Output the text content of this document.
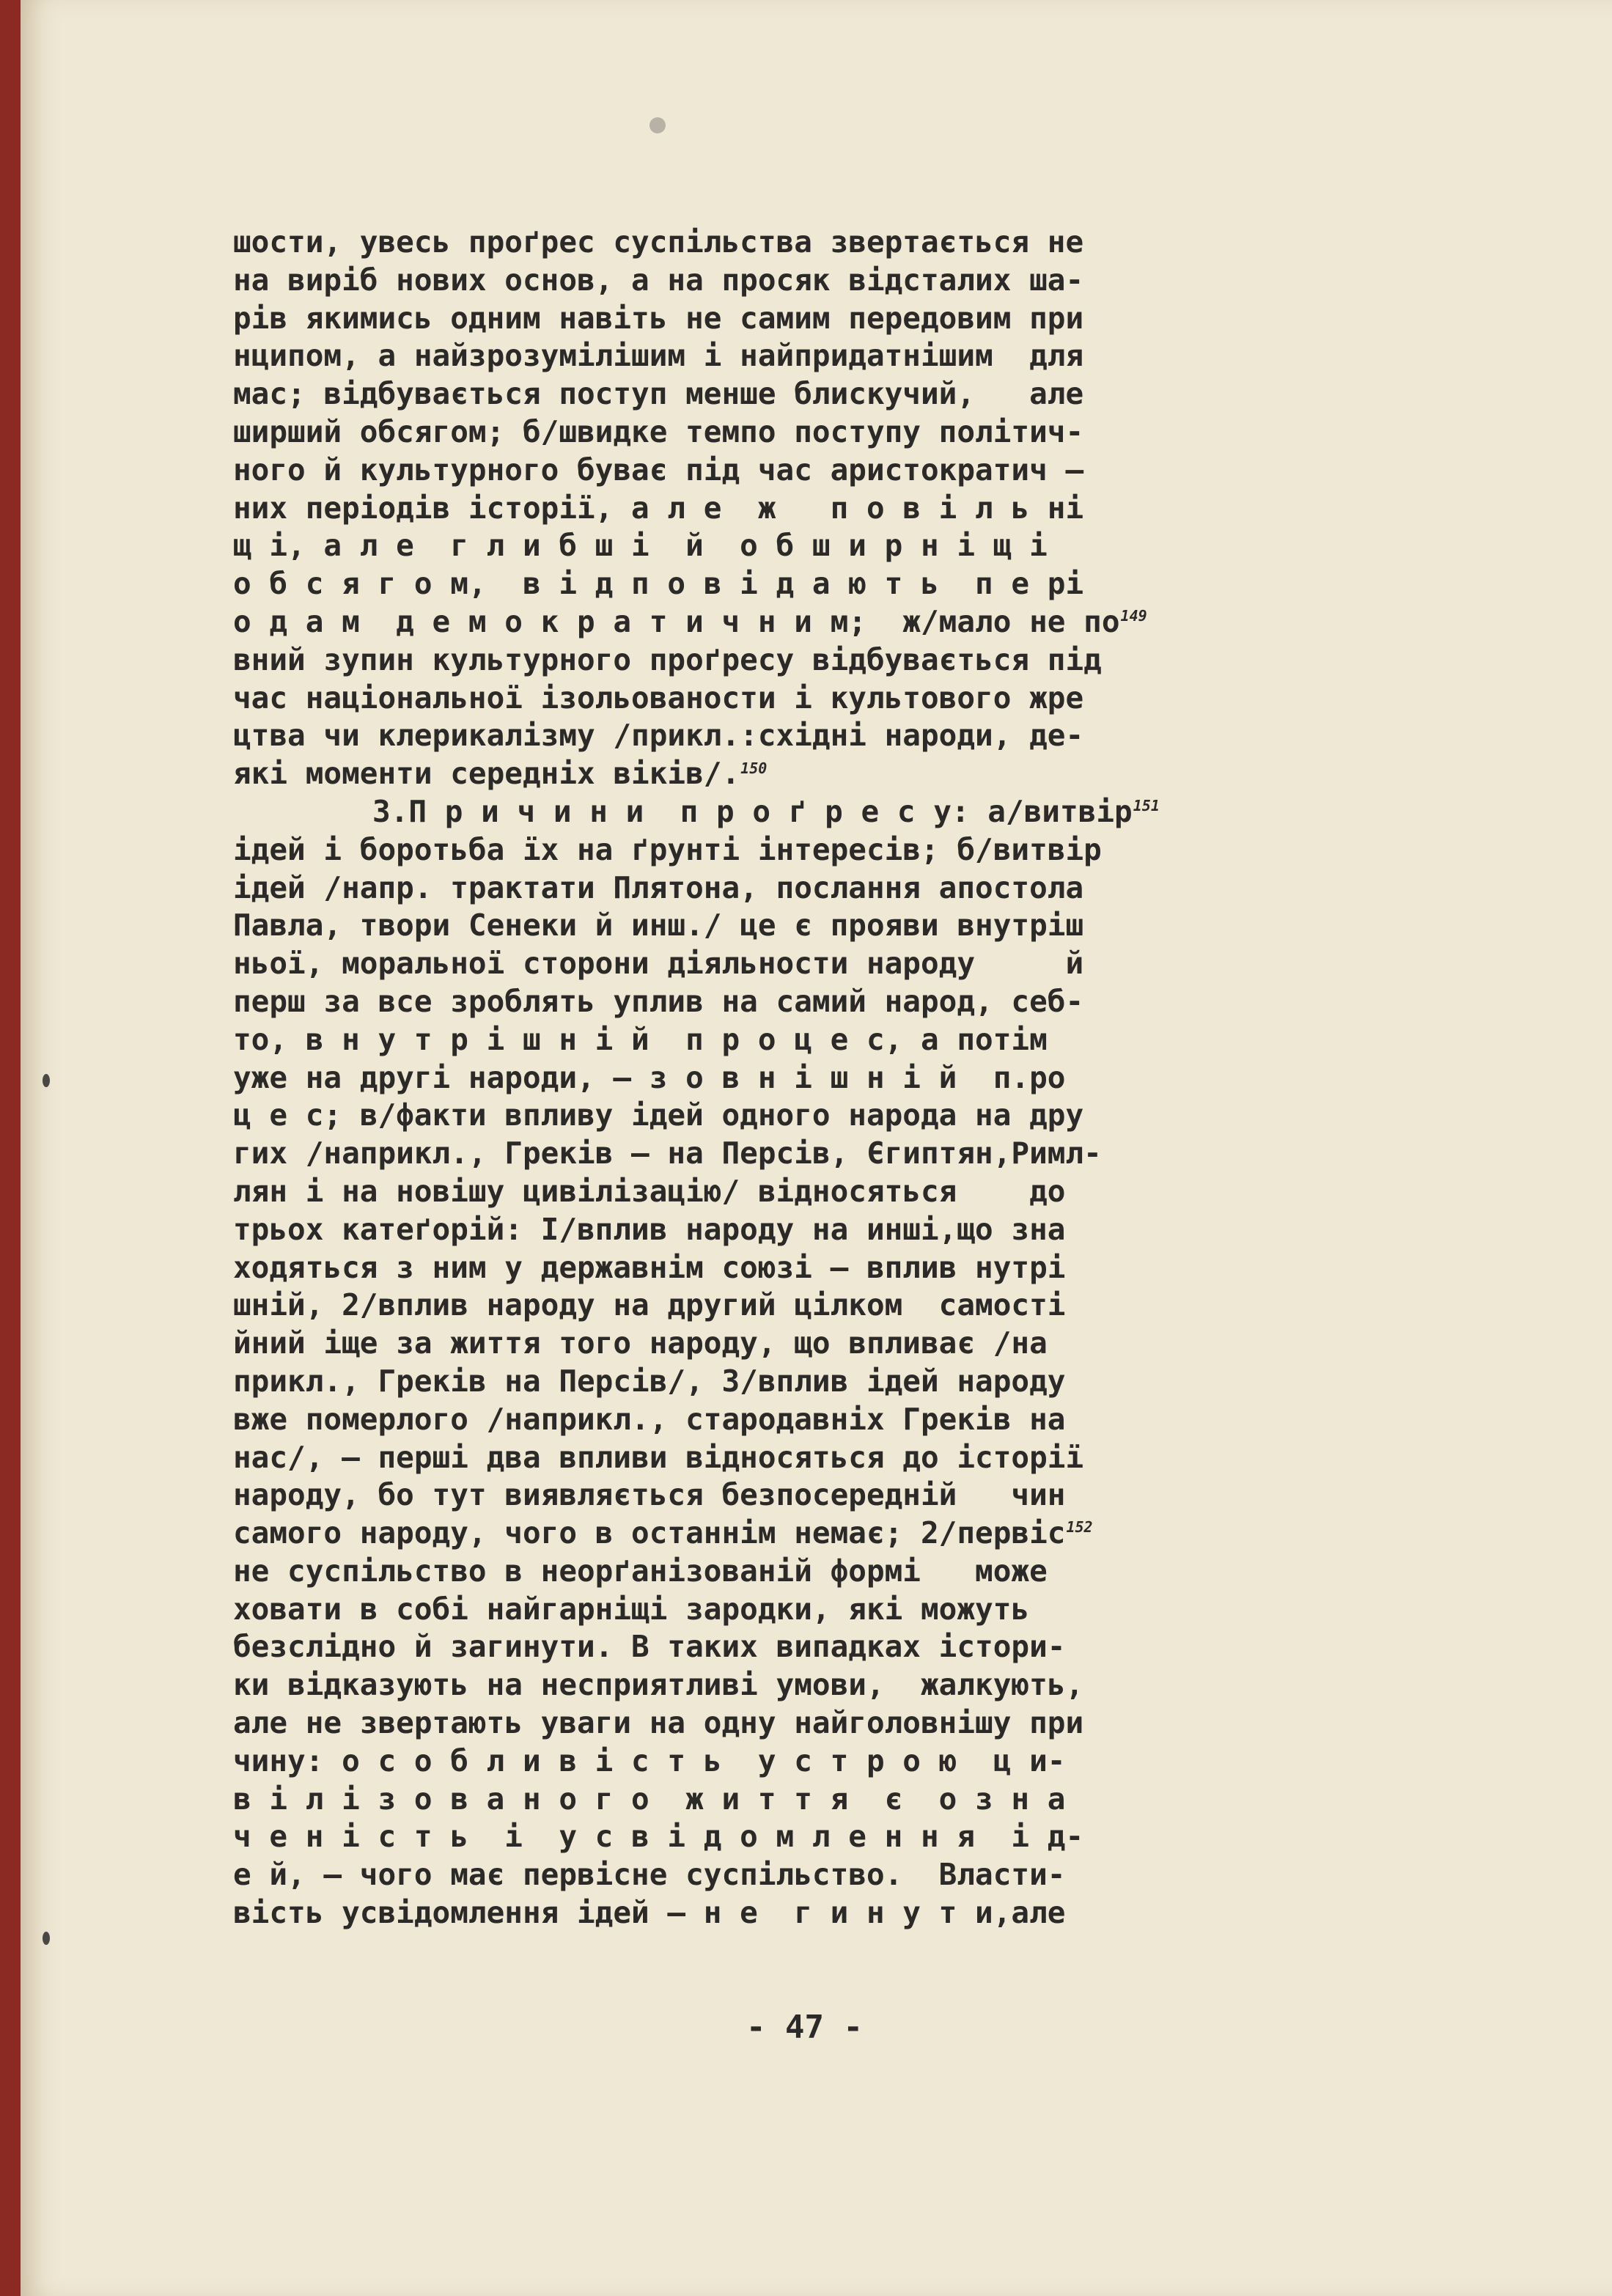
шости, увесь проґрес суспільства звертається не
на виріб нових основ, а на просяк відсталих ша-
рів якимись одним навіть не самим передовим при
нципом, а найзрозумілішим і найпридатнішим  для
мас; відбувається поступ менше блискучий,   але
ширший обсягом; б/швидке темпо поступу політич-
ного й культурного буває під час аристократич –
них періодів історії, а л е  ж   п о в і л ь ні
щ і, а л е  г л и б ш і  й  о б ш и р н і щ і
о б с я г о м,  в і д п о в і д а ю т ь  п е рі
о д а м  д е м о к р а т и ч н и м;  ж/мало не по$^{149}$
вний зупин культурного проґресу відбувається під
час національної ізольованости і культового жре
цтва чи клерикалізму /прикл.:східні народи, де-
які моменти середніх віків/.$^{150}$
3.П р и ч и н и  п р о ґ р е с у: а/витвір$^{151}$
ідей і боротьба їх на ґрунті інтересів; б/витвір
ідей /напр. трактати Плятона, послання апостола
Павла, твори Сенеки й инш./ це є прояви внутріш
ньої, моральної сторони діяльности народу     й
перш за все зроблять уплив на самий народ, себ-
то, в н у т р і ш н і й  п р о ц е с, а потім
уже на другі народи, – з о в н і ш н і й  п.ро
ц е с; в/факти впливу ідей одного народа на дру
гих /наприкл., Греків – на Персів, Єгиптян,Римл-
лян і на новішу цивілізацію/ відносяться    до
трьох катеґорій: І/вплив народу на инші,що зна
ходяться з ним у державнім союзі – вплив нутрі
шній, 2/вплив народу на другий цілком  самості
йний іще за життя того народу, що впливає /на
прикл., Греків на Персів/, 3/вплив ідей народу
вже померлого /наприкл., стародавніх Греків на
нас/, – перші два впливи відносяться до історії
народу, бо тут виявляється безпосередній   чин
самого народу, чого в останнім немає; 2/первіс$^{152}$
не суспільство в неорґанізованій формі   може
ховати в собі найгарніщі зародки, які можуть
безслідно й загинути. В таких випадках істори-
ки відказують на несприятливі умови,  жалкують,
але не звертають уваги на одну найголовнішу при
чину: о с о б л и в і с т ь  у с т р о ю  ц и-
в і л і з о в а н о г о  ж и т т я  є  о з н а
ч е н і с т ь  і  у с в і д о м л е н н я  і д-
е й, – чого має первісне суспільство.  Власти-
вість усвідомлення ідей – н е  г и н у т и,але
- 47 -
